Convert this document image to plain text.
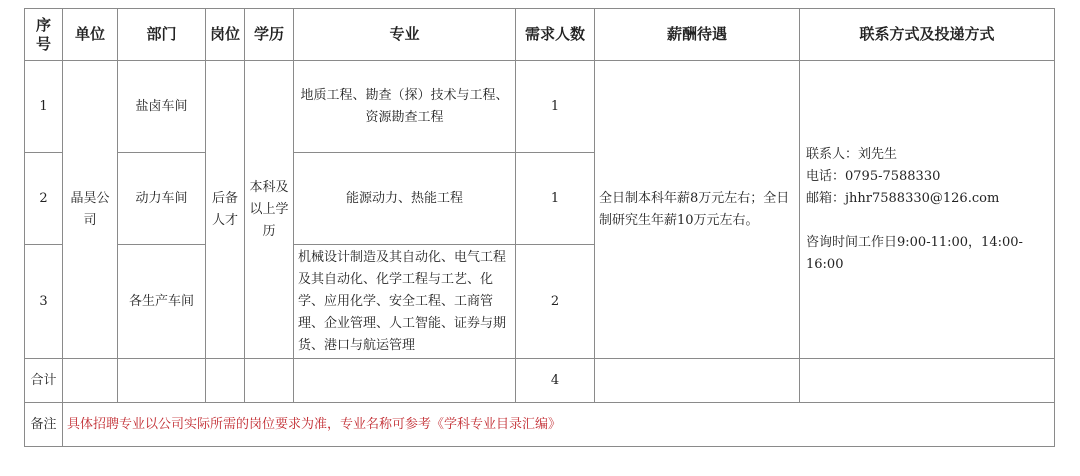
序号	单位	部门	岗位	学历	专业	需求人数	薪酬待遇	联系方式及投递方式
1	晶昊公司	盐卤车间	后备人才	本科及以上学历	地质工程、勘查（探）技术与工程、资源勘查工程	1	全日制本科年薪8万元左右；全日制研究生年薪10万元左右。	联系人：刘先生
电话：0795-7588330
邮箱：jhhr7588330@126.com
咨询时间工作日9:00-11:00，14:00-16:00

2		动力车间			能源动力、热能工程	1		
3		各生产车间			机械设计制造及其自动化、电气工程及其自动化、化学工程与工艺、化学、应用化学、安全工程、工商管理、企业管理、人工智能、证券与期货、港口与航运管理	2		
合计						4		
备注	具体招聘专业以公司实际所需的岗位要求为准，专业名称可参考《学科专业目录汇编》							
